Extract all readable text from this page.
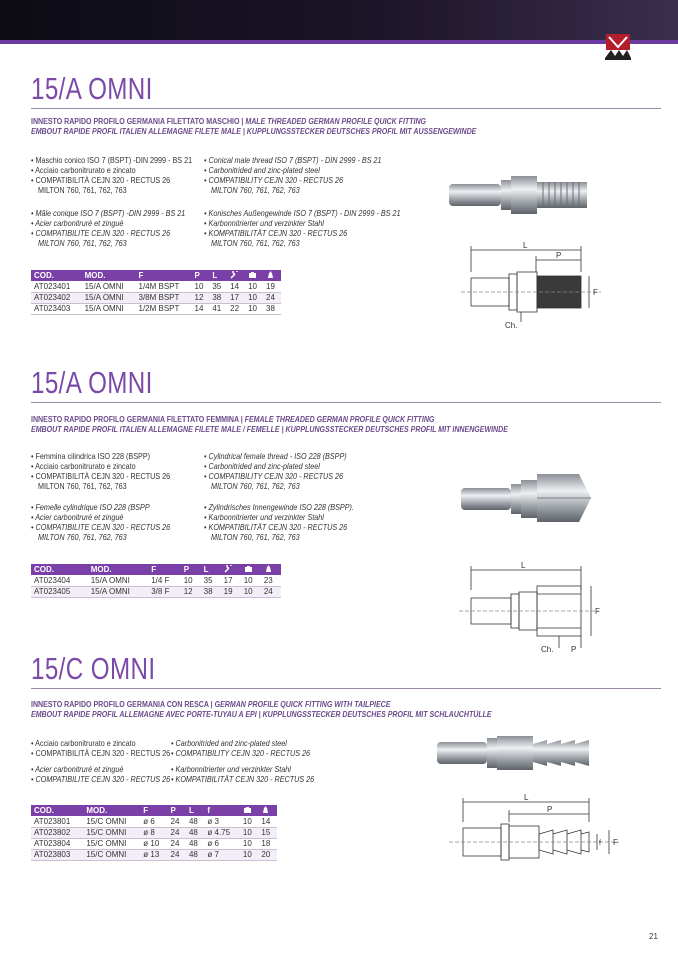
15/A OMNI
INNESTO RAPIDO PROFILO GERMANIA FILETTATO MASCHIO | MALE THREADED GERMAN PROFILE QUICK FITTING
EMBOUT RAPIDE PROFIL ITALIEN ALLEMAGNE FILETE MALE | KUPPLUNGSSTECKER DEUTSCHES PROFIL MIT AUSSENGEWINDE
• Maschio conico ISO 7 (BSPT) -DIN 2999 - BS 21
• Acciaio carbonitrurato e zincato
• COMPATIBILITÀ CEJN 320 - RECTUS 26
MILTON 760, 761, 762, 763
• Conical male thread ISO 7 (BSPT) - DIN 2999 - BS 21
• Carbonitrided and zinc-plated steel
• COMPATIBILITY CEJN 320 - RECTUS 26
MILTON 760, 761, 762, 763
• Mâle conique ISO 7 (BSPT) -DIN 2999 - BS 21
• Acier carbonitruré et zingué
• COMPATIBILITE CEJN 320 - RECTUS 26
MILTON 760, 761, 762, 763
• Konisches Außengewinde ISO 7 (BSPT) - DIN 2999 - BS 21
• Karbonnitrierter und verzinkter Stahl
• KOMPATIBILITÄT CEJN 320 - RECTUS 26
MILTON 760, 761, 762, 763
COD.	MOD.	F	P	L			
AT023401	15/A OMNI	1/4M BSPT	10	35	14	10	19
AT023402	15/A OMNI	3/8M BSPT	12	38	17	10	24
AT023403	15/A OMNI	1/2M BSPT	14	41	22	10	38
L
P
F
Ch.
15/A OMNI
INNESTO RAPIDO PROFILO GERMANIA FILETTATO FEMMINA | FEMALE THREADED GERMAN PROFILE QUICK FITTING
EMBOUT RAPIDE PROFIL ITALIEN ALLEMAGNE FILETE MALE / FEMELLE | KUPPLUNGSSTECKER DEUTSCHES PROFIL MIT INNENGEWINDE
• Femmina cilindrica ISO 228 (BSPP)
• Acciaio carbonitrurato e zincato
• COMPATIBILITÀ CEJN 320 - RECTUS 26
MILTON 760, 761, 762, 763
• Cylindrical female thread - ISO 228 (BSPP)
• Carbonitrided and zinc-plated steel
• COMPATIBILITY CEJN 320 - RECTUS 26
MILTON 760, 761, 762, 763
• Femelle cylindrique ISO 228 (BSPP
• Acier carbonitruré et zingué
• COMPATIBILITE CEJN 320 - RECTUS 26
MILTON 760, 761, 762, 763
• Zylindrisches Innengewinde ISO 228 (BSPP).
• Karbonnitrierter und verzinkter Stahl
• KOMPATIBILITÄT CEJN 320 - RECTUS 26
MILTON 760, 761, 762, 763
COD.	MOD.	F	P	L			
AT023404	15/A OMNI	1/4 F	10	35	17	10	23
AT023405	15/A OMNI	3/8 F	12	38	19	10	24
L
P
F
Ch.
15/C OMNI
INNESTO RAPIDO PROFILO GERMANIA CON RESCA | GERMAN PROFILE QUICK FITTING WITH TAILPIECE
EMBOUT RAPIDE PROFIL ALLEMAGNE AVEC PORTE-TUYAU A EPI | KUPPLUNGSSTECKER DEUTSCHES PROFIL MIT SCHLAUCHTÜLLE
• Acciaio carbonitrurato e zincato
• COMPATIBILITÀ CEJN 320 - RECTUS 26
• Carbonitrided and zinc-plated steel
• COMPATIBILITY CEJN 320 - RECTUS 26
• Acier carbonitruré et zingué
• COMPATIBILITE CEJN 320 - RECTUS 26
• Karbonnitrierter und verzinkter Stahl
• KOMPATIBILITÄT CEJN 320 - RECTUS 26
COD.	MOD.	F	P	L	f		
AT023801	15/C OMNI	ø 6	24	48	ø 3	10	14
AT023802	15/C OMNI	ø 8	24	48	ø 4.75	10	15
AT023804	15/C OMNI	ø 10	24	48	ø 6	10	18
AT023803	15/C OMNI	ø 13	24	48	ø 7	10	20
L
P
F
f
21
